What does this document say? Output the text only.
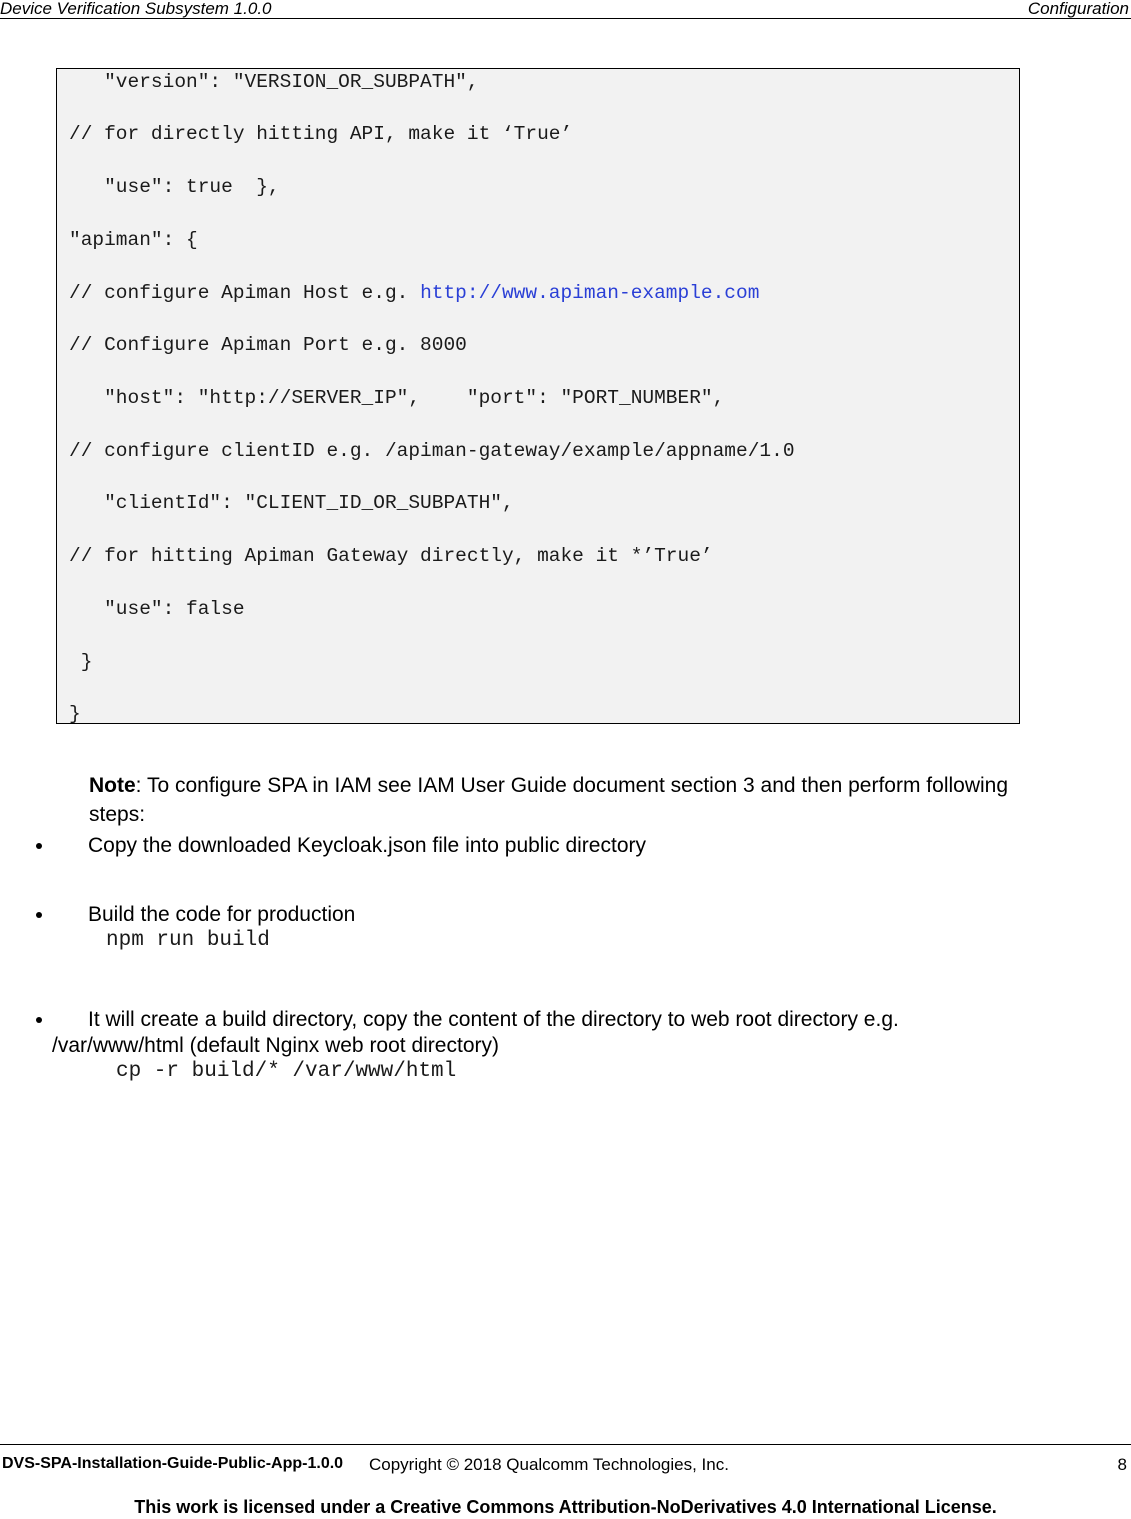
Device Verification Subsystem 1.0.0	Configuration
"version": "VERSION_OR_SUBPATH",
// for directly hitting API, make it ‘True’
"use": true  },
"apiman": {
// configure Apiman Host e.g. http://www.apiman-example.com
// Configure Apiman Port e.g. 8000
"host": "http://SERVER_IP",    "port": "PORT_NUMBER",
// configure clientID e.g. /apiman-gateway/example/appname/1.0
"clientId": "CLIENT_ID_OR_SUBPATH",
// for hitting Apiman Gateway directly, make it *’True’
"use": false
}
}
Note: To configure SPA in IAM see IAM User Guide document section 3 and then perform following steps:
Copy the downloaded Keycloak.json file into public directory
Build the code for production
npm run build
It will create a build directory, copy the content of the directory to web root directory e.g.
/var/www/html (default Nginx web root directory)
cp -r build/* /var/www/html
DVS-SPA-Installation-Guide-Public-App-1.0.0 Copyright © 2018 Qualcomm Technologies, Inc.	8
This work is licensed under a Creative Commons Attribution-NoDerivatives 4.0 International License.
